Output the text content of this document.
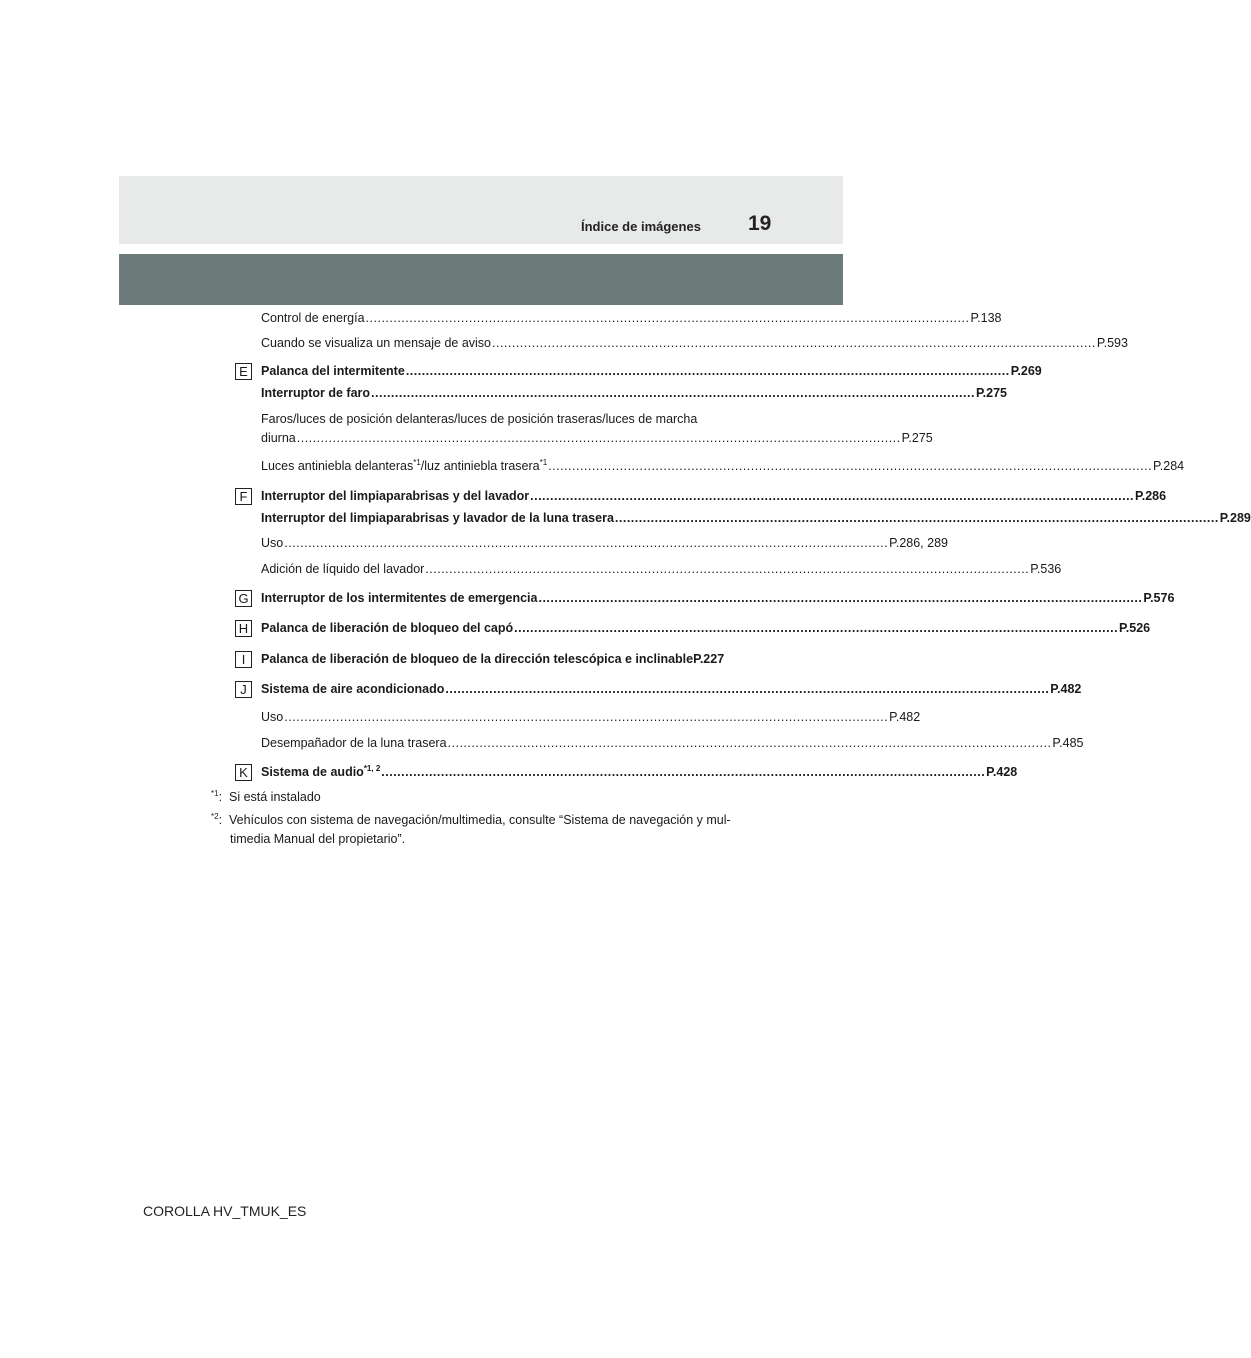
19
Índice de imágenes
Control de energía ........................................................................................................................................................ P.138
Cuando se visualiza un mensaje de aviso ........................................................................................................................................................ P.593
E	Palanca del intermitente ........................................................................................................................................................ P.269
Interruptor de faro ........................................................................................................................................................ P.275
Faros/luces de posición delanteras/luces de posición traseras/luces de marcha
diurna ........................................................................................................................................................ P.275
Luces antiniebla delanteras$^{*1}$/luz antiniebla trasera$^{*1}$ ........................................................................................................................................................ P.284
F	Interruptor del limpiaparabrisas y del lavador ........................................................................................................................................................ P.286
Interruptor del limpiaparabrisas y lavador de la luna trasera ........................................................................................................................................................ P.289
Uso ........................................................................................................................................................ P.286, 289
Adición de líquido del lavador ........................................................................................................................................................ P.536
G Interruptor de los intermitentes de emergencia ........................................................................................................................................................ P.576
H	Palanca de liberación de bloqueo del capó ........................................................................................................................................................ P.526
I	Palanca de liberación de bloqueo de la dirección telescópica e inclinable P.227
J	Sistema de aire acondicionado ........................................................................................................................................................ P.482
Uso ........................................................................................................................................................ P.482
Desempañador de la luna trasera ........................................................................................................................................................ P.485
K	Sistema de audio$^{*1, 2}$ ........................................................................................................................................................ P.428
$^{*1}$: Si está instalado
$^{*2}$: Vehículos con sistema de navegación/multimedia, consulte “Sistema de navegación y mul-
timedia Manual del propietario”.
COROLLA HV_TMUK_ES
